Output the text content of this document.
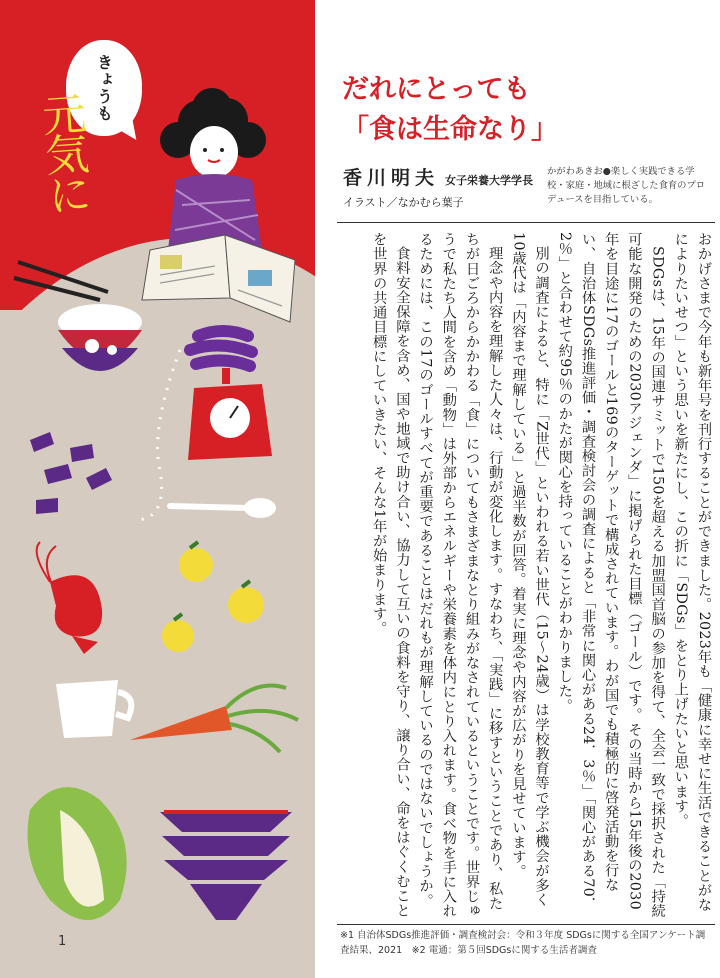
きょうも
元気に
1
だれにとっても
「食は生命なり」
香川明夫 女子栄養大学学長
イラスト／なかむら葉子
かがわあきお●楽しく実践できる学校・家庭・地域に根ざした食育のプロデュースを目指している。

おかげさまで今年も新年号を刊行することができました。2023年も「健康に幸せに生活できることがなによりたいせつ」という思いを新たにし、この折に「SDGs」をとり上げたいと思います。

SDGsは、15年の国連サミットで150を超える加盟国首脳の参加を得て、全会一致で採択された「持続可能な開発のための2030アジェンダ」に掲げられた目標（ゴール）です。その当時から15年後の2030年を目途に17のゴールと169のターゲットで構成されています。わが国でも積極的に啓発活動を行ない、自治体SDGs推進評価・調査検討会の調査によると「非常に関心がある24．3％」「関心がある70．2％」と合わせて約95％のかたが関心を持っていることがわかりました。

別の調査によると、特に「Z世代」といわれる若い世代（15～24歳）は学校教育等で学ぶ機会が多く10歳代は「内容まで理解している」と過半数が回答。着実に理念や内容が広がりを見せています。

理念や内容を理解した人々は、行動が変化します。すなわち、「実践」に移すということであり、私たちが日ごろからかかわる「食」についてもさまざまなとり組みがなされているということです。世界じゅうで私たち人間を含め「動物」は外部からエネルギーや栄養素を体内にとり入れます。食べ物を手に入れるためには、この17のゴールすべてが重要であることはだれもが理解しているのではないでしょうか。

食料安全保障を含め、国や地域で助け合い、協力して互いの食料を守り、譲り合い、命をはぐくむことを世界の共通目標にしていきたい、そんな1年が始まります。

※1 自治体SDGs推進評価・調査検討会：令和３年度 SDGsに関する全国アンケート調査結果、2021　※2 電通：第５回SDGsに関する生活者調査
